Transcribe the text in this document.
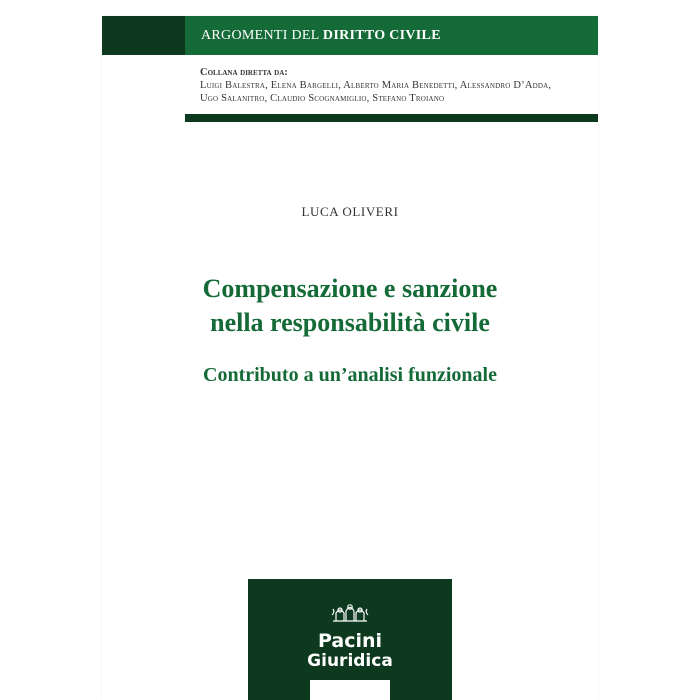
ARGOMENTI DEL DIRITTO CIVILE
Collana diretta da:
Luigi Balestra, Elena Bargelli, Alberto Maria Benedetti, Alessandro D’Adda,
Ugo Salanitro, Claudio Scognamiglio, Stefano Troiano
LUCA OLIVERI
Compensazione e sanzione
nella responsabilità civile
Contributo a un’analisi funzionale
Pacini
Giuridica
